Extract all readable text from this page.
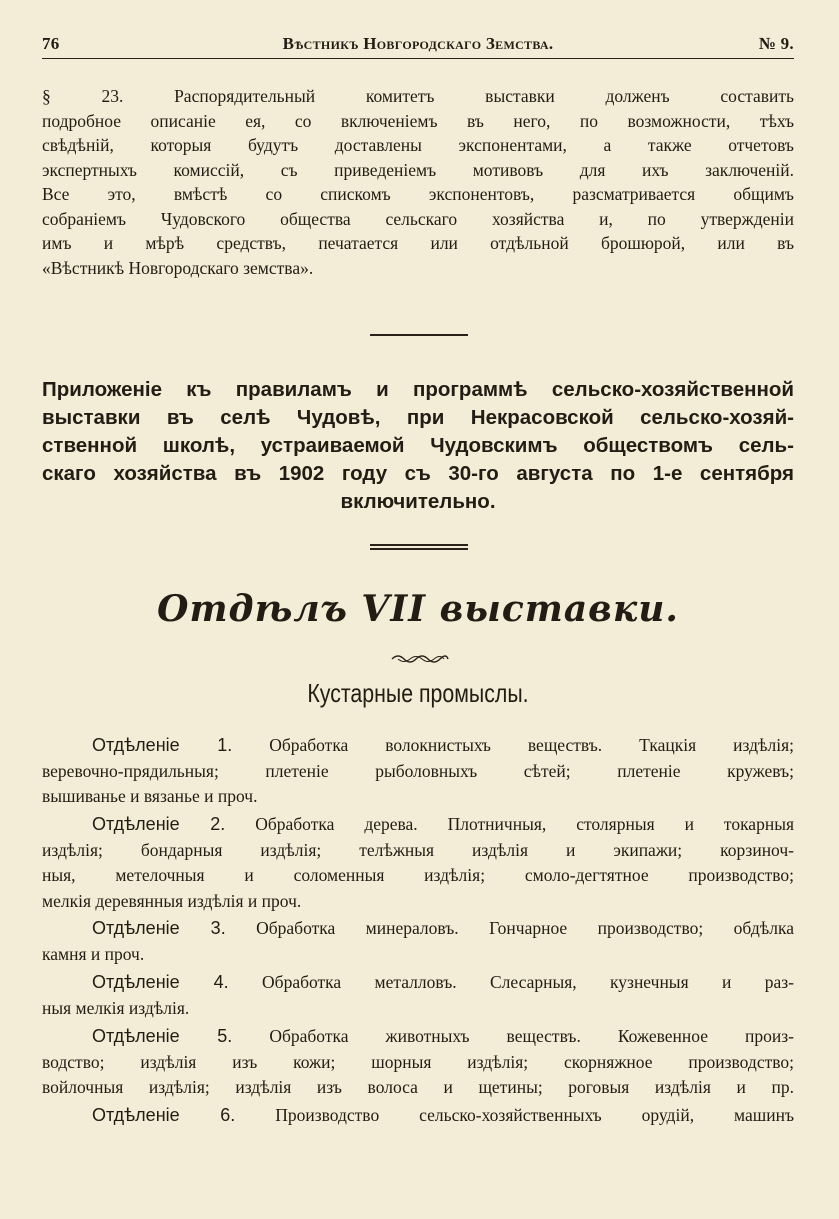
76	Вѣстникъ Новгородскаго Земства.	№ 9.
§ 23. Распорядительный комитетъ выставки долженъ составить
подробное описаніе ея, со включеніемъ въ него, по возможности, тѣхъ
свѣдѣній, которыя будутъ доставлены экспонентами, а также отчетовъ
экспертныхъ комиссій, съ приведеніемъ мотивовъ для ихъ заключеній.
Все это, вмѣстѣ со спискомъ экспонентовъ, разсматривается общимъ
собраніемъ Чудовского общества сельскаго хозяйства и, по утвержденіи
имъ и мѣрѣ средствъ, печатается или отдѣльной брошюрой, или въ
«Вѣстникѣ Новгородскаго земства».
Приложеніе къ правиламъ и программѣ сельско-хозяйственной
выставки въ селѣ Чудовѣ, при Некрасовской сельско-хозяй-
ственной школѣ, устраиваемой Чудовскимъ обществомъ сель-
скаго хозяйства въ 1902 году съ 30-го августа по 1-е сентября
включительно.
Отдѣлъ VII выставки.
Кустарные промыслы.
Отдѣленіе 1. Обработка волокнистыхъ веществъ. Ткацкія издѣлія;
веревочно-прядильныя; плетеніе рыболовныхъ сѣтей; плетеніе кружевъ;
вышиванье и вязанье и проч.
Отдѣленіе 2. Обработка дерева. Плотничныя, столярныя и токарныя
издѣлія; бондарныя издѣлія; телѣжныя издѣлія и экипажи; корзиноч-
ныя, метелочныя и соломенныя издѣлія; смоло-дегтятное производство;
мелкія деревянныя издѣлія и проч.
Отдѣленіе 3. Обработка минераловъ. Гончарное производство; обдѣлка
камня и проч.
Отдѣленіе 4. Обработка металловъ. Слесарныя, кузнечныя и раз-
ныя мелкія издѣлія.
Отдѣленіе 5. Обработка животныхъ веществъ. Кожевенное произ-
водство; издѣлія изъ кожи; шорныя издѣлія; скорняжное производство;
войлочныя издѣлія; издѣлія изъ волоса и щетины; роговыя издѣлія и пр.
Отдѣленіе 6. Производство сельско-хозяйственныхъ орудій, машинъ
